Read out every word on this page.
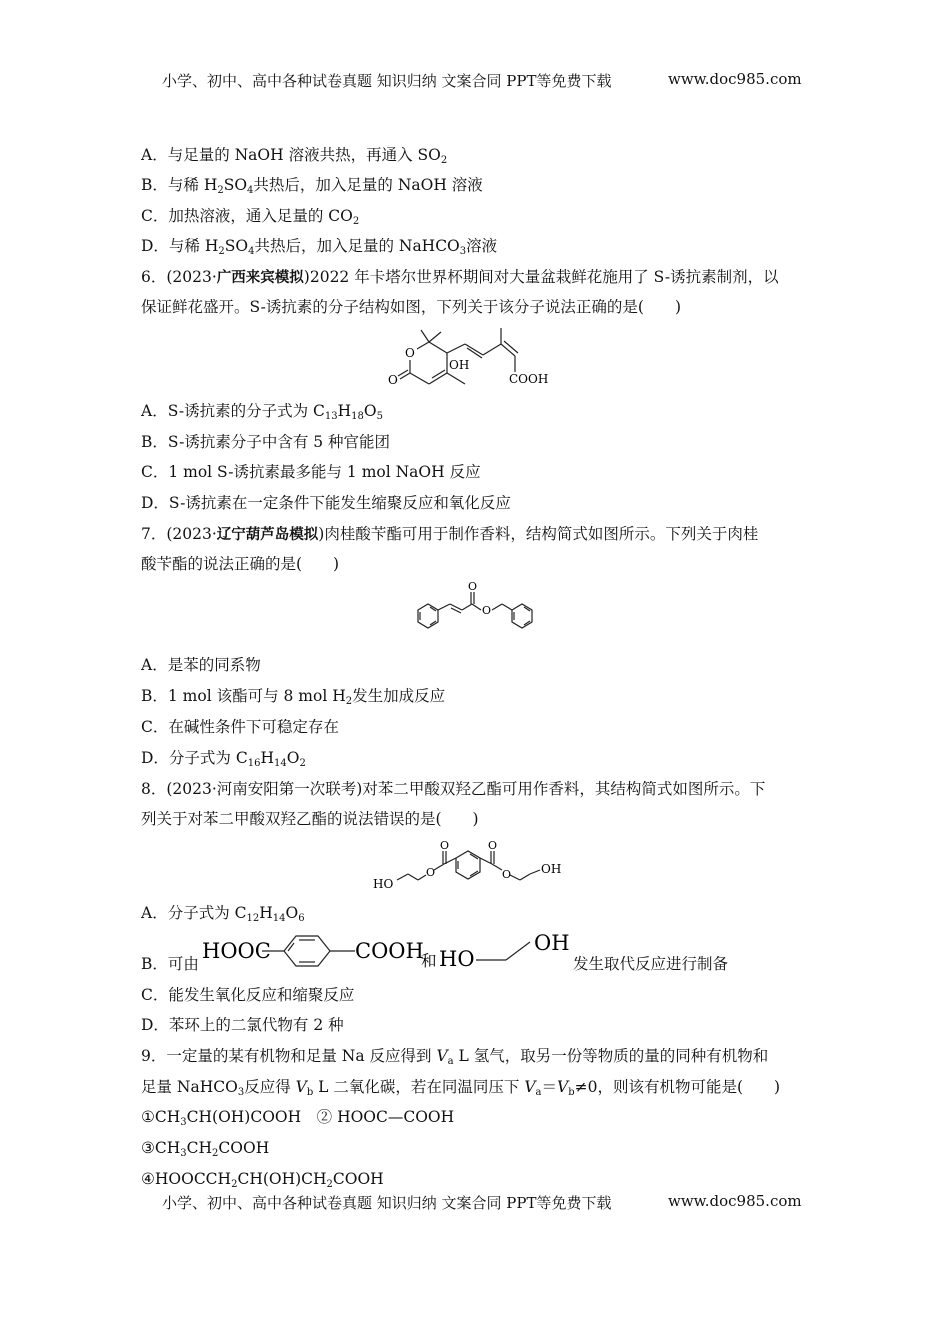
小学、初中、高中各种试卷真题 知识归纳 文案合同 PPT等免费下载	www.doc985.com
A．与足量的 NaOH 溶液共热，再通入 $SO_2$
B．与稀 $H_2SO_4$共热后，加入足量的 NaOH 溶液
C．加热溶液，通入足量的 $CO_2$
D．与稀 $H_2SO_4$共热后，加入足量的 NaHCO$_3$溶液
6．(2023·广西来宾模拟)2022 年卡塔尔世界杯期间对大量盆栽鲜花施用了 S-诱抗素制剂，以
保证鲜花盛开。S-诱抗素的分子结构如图，下列关于该分子说法正确的是(　　)
O
O
OH
COOH
A．S-诱抗素的分子式为 $C_{13}H_{18}O_5$
B．S-诱抗素分子中含有 5 种官能团
C．1 mol S-诱抗素最多能与 1 mol NaOH 反应
D．S-诱抗素在一定条件下能发生缩聚反应和氧化反应
7．(2023·辽宁葫芦岛模拟)肉桂酸苄酯可用于制作香料，结构简式如图所示。下列关于肉桂
酸苄酯的说法正确的是(　　)
O
O
A．是苯的同系物
B．1 mol 该酯可与 8 mol $H_2$发生加成反应
C．在碱性条件下可稳定存在
D．分子式为 $C_{16}H_{14}O_2$
8．(2023·河南安阳第一次联考)对苯二甲酸双羟乙酯可用作香料，其结构简式如图所示。下
列关于对苯二甲酸双羟乙酯的说法错误的是(　　)
HO
O
O	O
O OH
A．分子式为 $C_{12}H_{14}O_6$
B．可由
HOOC	COOH
和 HO
OH
发生取代反应进行制备
C．能发生氧化反应和缩聚反应
D．苯环上的二氯代物有 2 种
9．一定量的某有机物和足量 Na 反应得到 $V_a$ L 氢气，取另一份等物质的量的同种有机物和
足量 NaHCO$_3$反应得 $V_b$ L 二氧化碳，若在同温同压下 $V_a=V_b\ne 0$，则该有机物可能是(　　)
$①CH_3CH(OH)COOH$　② HOOC—COOH
$③CH_3CH_2COOH$
$④HOOCCH_2CH(OH)CH_2COOH$
小学、初中、高中各种试卷真题 知识归纳 文案合同 PPT等免费下载	www.doc985.com
